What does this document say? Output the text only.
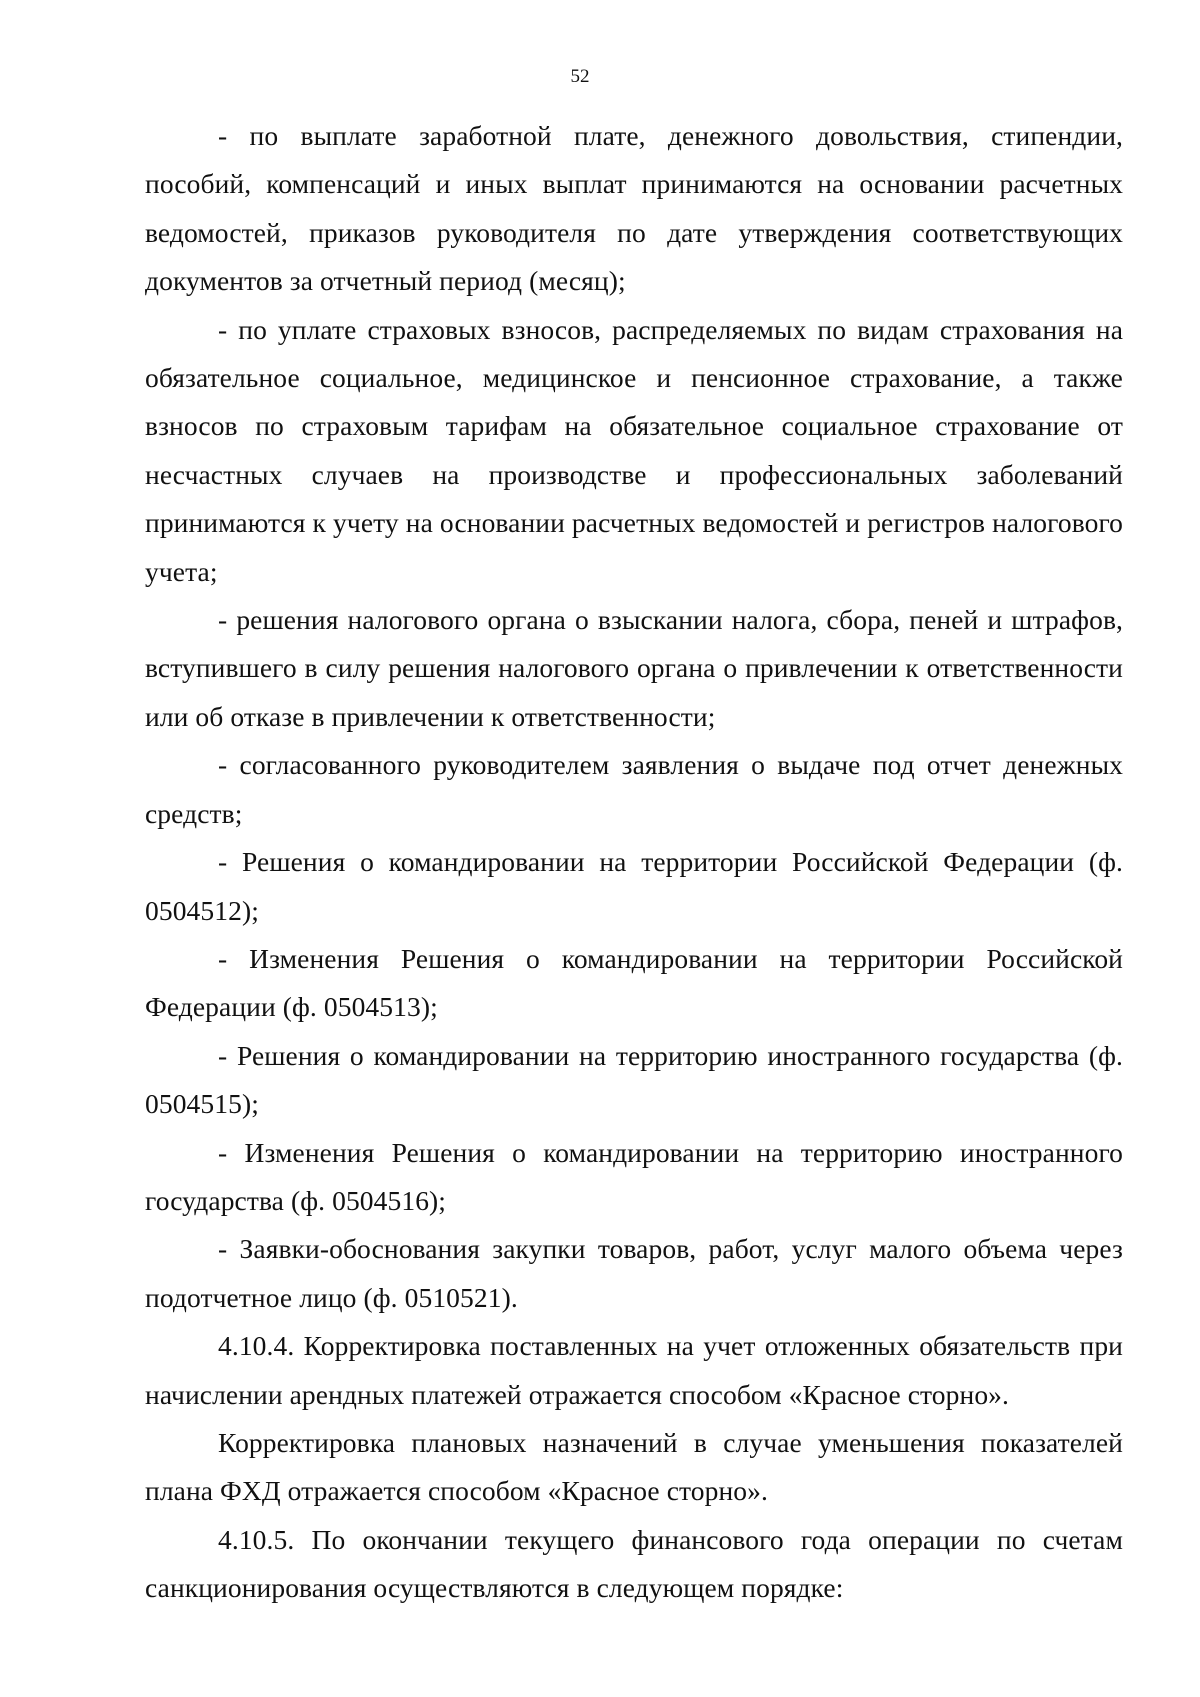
52

- по выплате заработной плате, денежного довольствия, стипендии, пособий, компенсаций и иных выплат принимаются на основании расчетных ведомостей, приказов руководителя по дате утверждения соответствующих документов за отчетный период (месяц);

- по уплате страховых взносов, распределяемых по видам страхования на обязательное социальное, медицинское и пенсионное страхование, а также взносов по страховым тарифам на обязательное социальное страхование от несчастных случаев на производстве и профессиональных заболеваний принимаются к учету на основании расчетных ведомостей и регистров налогового учета;

- решения налогового органа о взыскании налога, сбора, пеней и штрафов, вступившего в силу решения налогового органа о привлечении к ответственности или об отказе в привлечении к ответственности;

- согласованного руководителем заявления о выдаче под отчет денежных средств;

- Решения о командировании на территории Российской Федерации (ф. 0504512);

- Изменения Решения о командировании на территории Российской Федерации (ф. 0504513);

- Решения о командировании на территорию иностранного государства (ф. 0504515);

- Изменения Решения о командировании на территорию иностранного государства (ф. 0504516);

- Заявки-обоснования закупки товаров, работ, услуг малого объема через подотчетное лицо (ф. 0510521).

4.10.4. Корректировка поставленных на учет отложенных обязательств при начислении арендных платежей отражается способом «Красное сторно».

Корректировка плановых назначений в случае уменьшения показателей плана ФХД отражается способом «Красное сторно».

4.10.5. По окончании текущего финансового года операции по счетам санкционирования осуществляются в следующем порядке:
